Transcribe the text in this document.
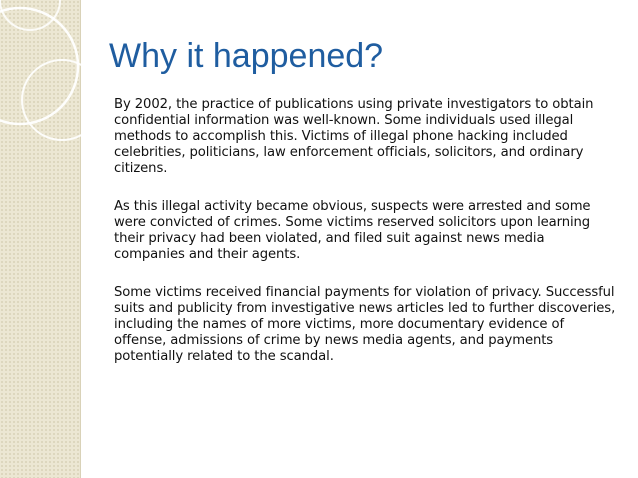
Why it happened?

By 2002, the practice of publications using private investigators to obtain confidential information was well-known. Some individuals used illegal methods to accomplish this. Victims of illegal phone hacking included celebrities, politicians, law enforcement officials, solicitors, and ordinary citizens.

As this illegal activity became obvious, suspects were arrested and some were convicted of crimes. Some victims reserved solicitors upon learning their privacy had been violated, and filed suit against news media companies and their agents.

Some victims received financial payments for violation of privacy. Successful suits and publicity from investigative news articles led to further discoveries, including the names of more victims, more documentary evidence of offense, admissions of crime by news media agents, and payments potentially related to the scandal.
